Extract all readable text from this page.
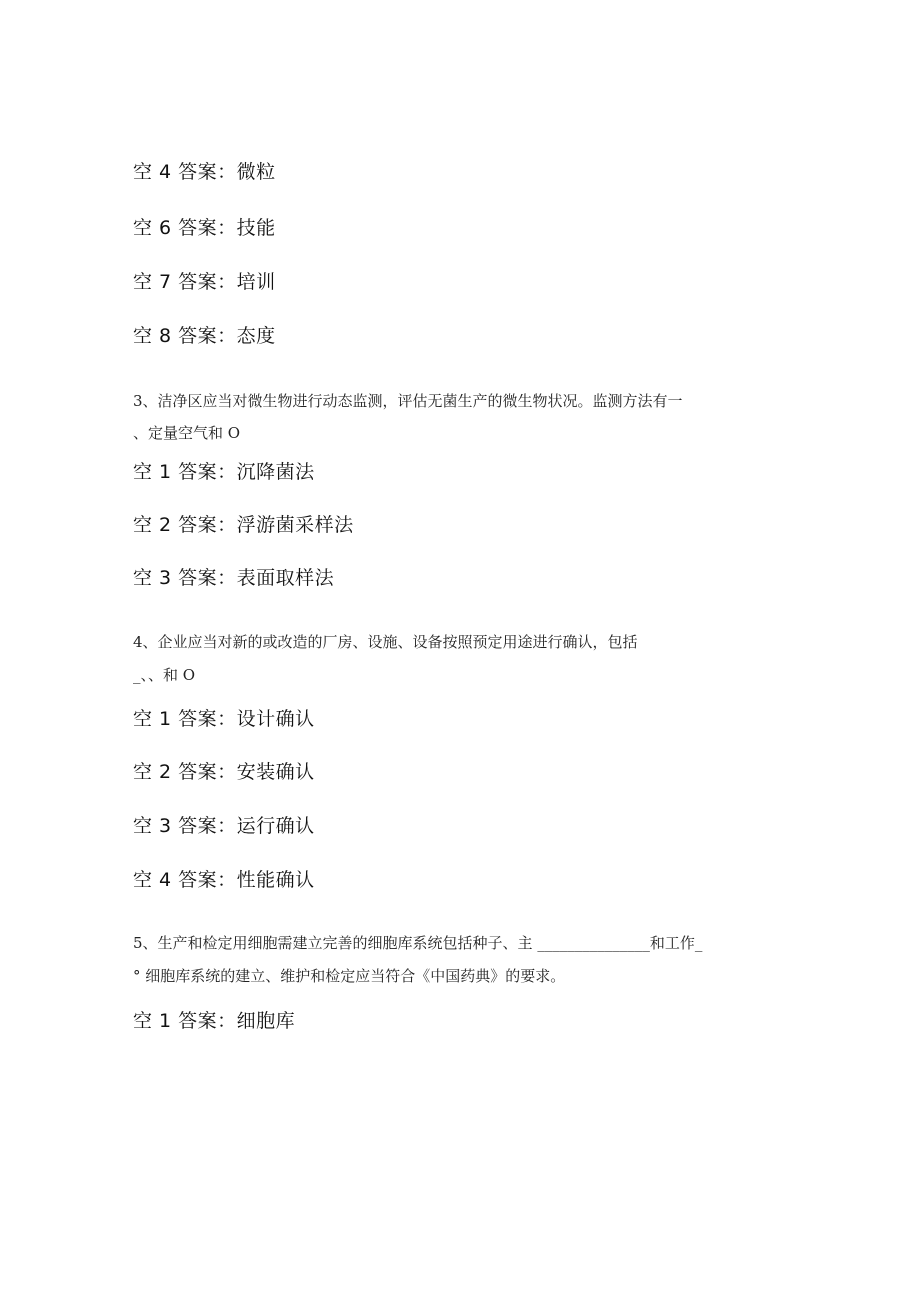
空 4 答案：微粒

空 6 答案：技能

空 7 答案：培训

空 8 答案：态度

3、洁净区应当对微生物进行动态监测，评估无菌生产的微生物状况。监测方法有一

、定量空气和 O

空 1 答案：沉降菌法

空 2 答案：浮游菌采样法

空 3 答案：表面取样法

4、企业应当对新的或改造的厂房、设施、设备按照预定用途进行确认，包括

_、、和 O

空 1 答案：设计确认

空 2 答案：安装确认

空 3 答案：运行确认

空 4 答案：性能确认

5、生产和检定用细胞需建立完善的细胞库系统包括种子、主 _______________和工作_

° 细胞库系统的建立、维护和检定应当符合《中国药典》的要求。

空 1 答案：细胞库
